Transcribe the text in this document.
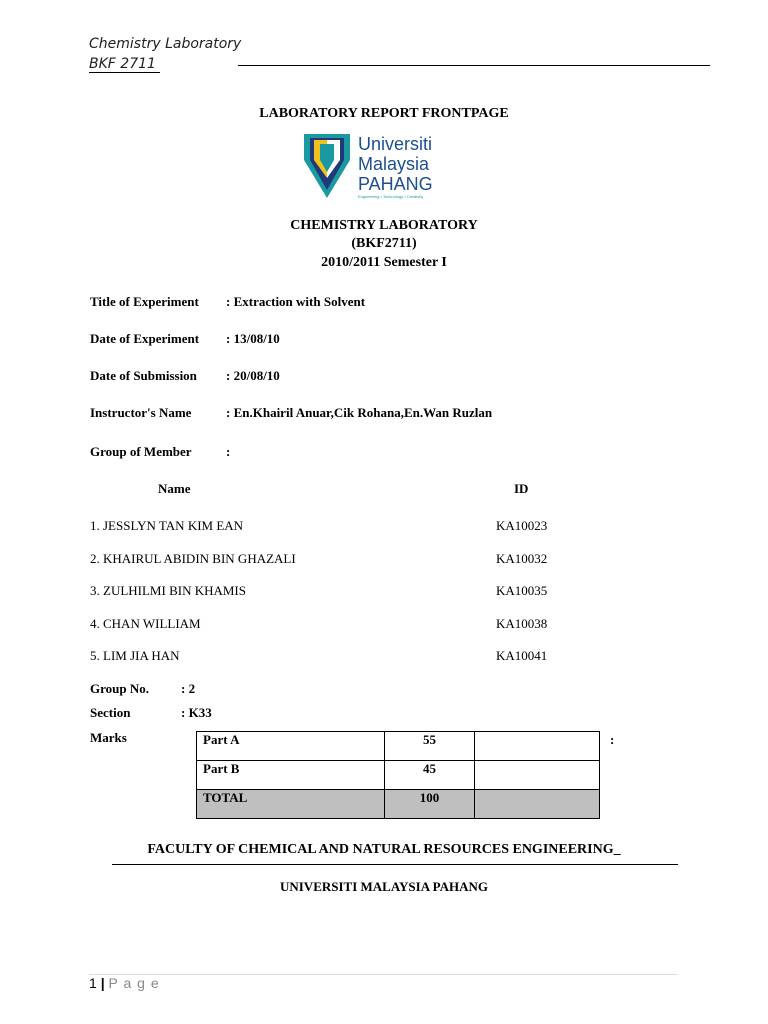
Chemistry Laboratory
BKF 2711
LABORATORY REPORT FRONTPAGE
Universiti
Malaysia
PAHANG
Engineering • Technology • Creativity
CHEMISTRY LABORATORY
(BKF2711)
2010/2011 Semester I
Title of Experiment : Extraction with Solvent
Date of Experiment : 13/08/10
Date of Submission : 20/08/10
Instructor's Name	: En.Khairil Anuar,Cik Rohana,En.Wan Ruzlan
Group of Member	:
Name	ID
1. JESSLYN TAN KIM EAN	KA10023
2. KHAIRUL ABIDIN BIN GHAZALI	KA10032
3. ZULHILMI BIN KHAMIS	KA10035
4. CHAN WILLIAM	KA10038
5. LIM JIA HAN	KA10041
Group No. : 2
Section	: K33
Marks	Part A	55	
Part B	45	
TOTAL	100	
:
FACULTY OF CHEMICAL AND NATURAL RESOURCES ENGINEERING_
UNIVERSITI MALAYSIA PAHANG
1 | P a g e
